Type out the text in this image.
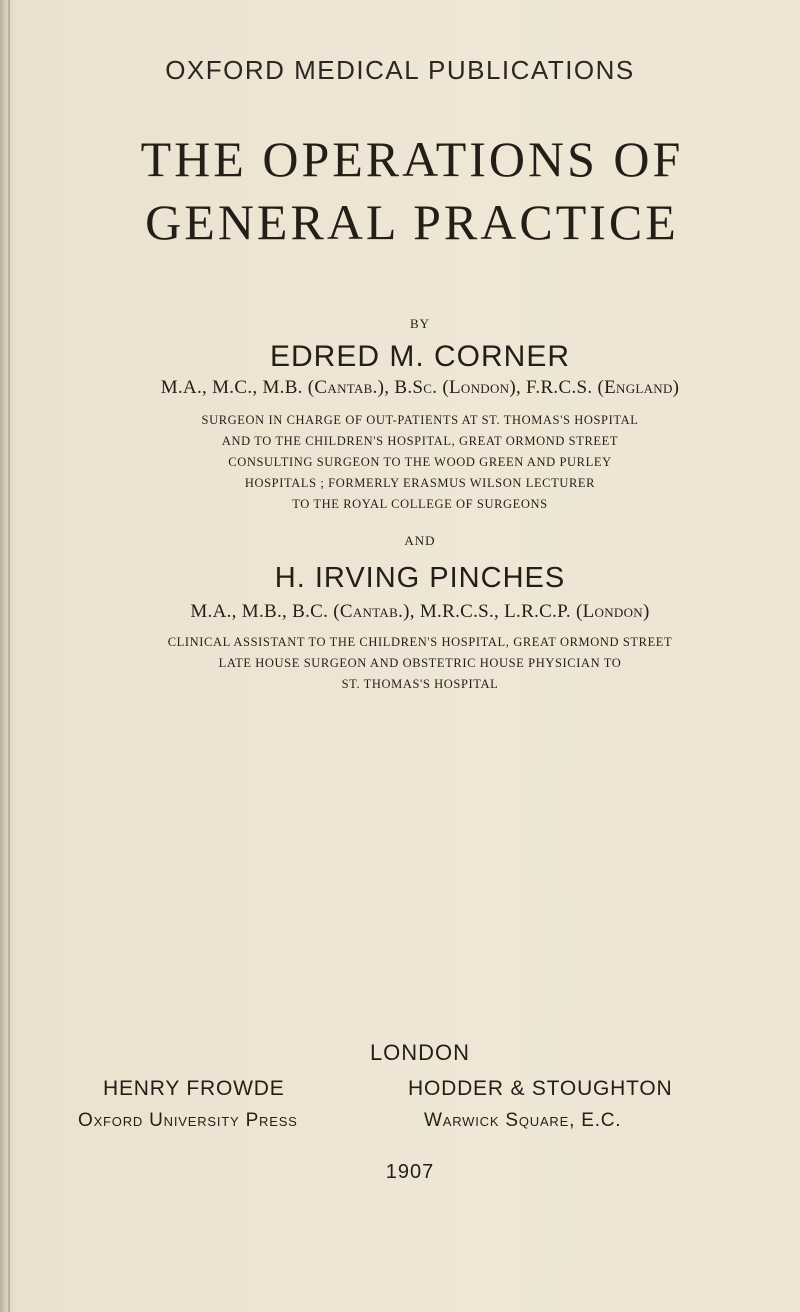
OXFORD MEDICAL PUBLICATIONS
THE OPERATIONS OF
GENERAL PRACTICE
BY
EDRED M. CORNER
M.A., M.C., M.B. (Cantab.), B.Sc. (London), F.R.C.S. (England)
SURGEON IN CHARGE OF OUT-PATIENTS AT ST. THOMAS'S HOSPITAL
AND TO THE CHILDREN'S HOSPITAL, GREAT ORMOND STREET
CONSULTING SURGEON TO THE WOOD GREEN AND PURLEY
HOSPITALS ; FORMERLY ERASMUS WILSON LECTURER
TO THE ROYAL COLLEGE OF SURGEONS
AND
H. IRVING PINCHES
M.A., M.B., B.C. (Cantab.), M.R.C.S., L.R.C.P. (London)
CLINICAL ASSISTANT TO THE CHILDREN'S HOSPITAL, GREAT ORMOND STREET
LATE HOUSE SURGEON AND OBSTETRIC HOUSE PHYSICIAN TO
ST. THOMAS'S HOSPITAL
LONDON
HENRY FROWDE
Oxford University Press
HODDER & STOUGHTON
Warwick Square, E.C.
1907
